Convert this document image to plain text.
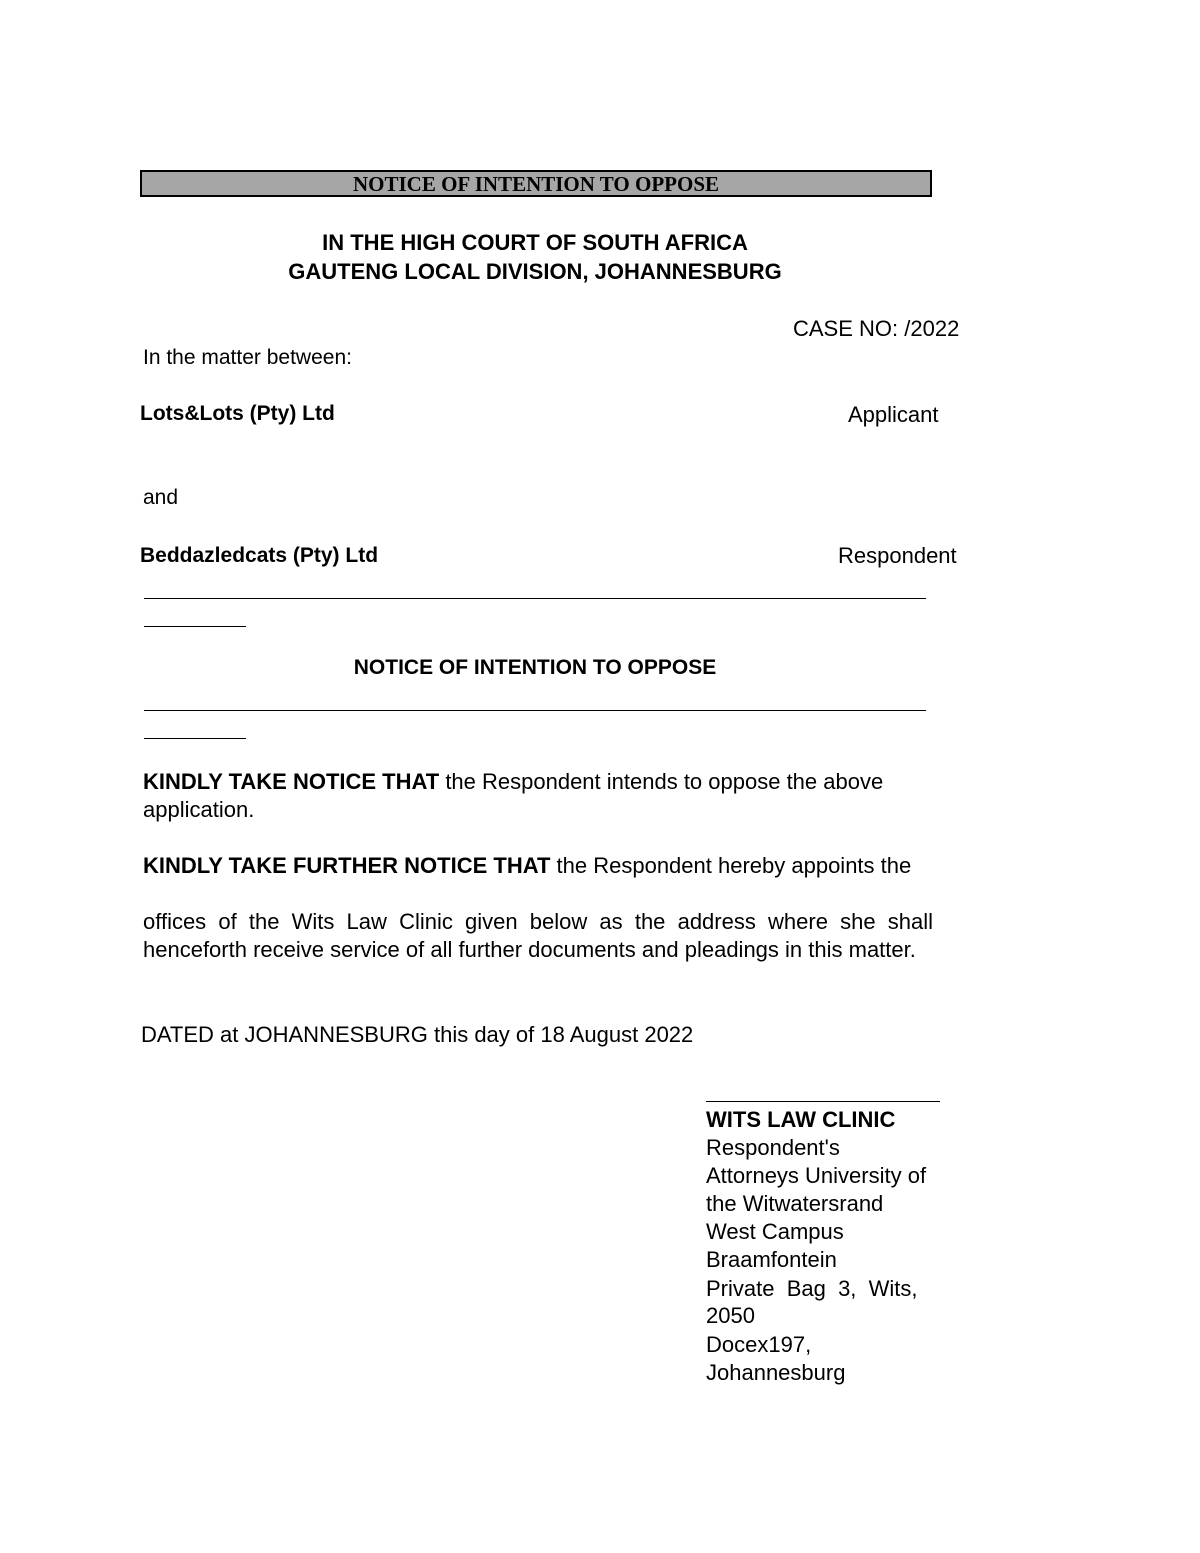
NOTICE OF INTENTION TO OPPOSE
IN THE HIGH COURT OF SOUTH AFRICA
GAUTENG LOCAL DIVISION, JOHANNESBURG
CASE NO: /2022
In the matter between:
Lots&Lots (Pty) Ltd	Applicant
and
Beddazledcats (Pty) Ltd	Respondent
NOTICE OF INTENTION TO OPPOSE
KINDLY TAKE NOTICE THAT the Respondent intends to oppose the above application.
KINDLY TAKE FURTHER NOTICE THAT the Respondent hereby appoints the
offices of the Wits Law Clinic given below as the address where she shall henceforth receive service of all further documents and pleadings in this matter.
DATED at JOHANNESBURG this day of 18 August 2022
WITS LAW CLINIC
Respondent's
Attorneys University of
the Witwatersrand
West Campus
Braamfontein
Private  Bag  3,  Wits,
2050
Docex197,
Johannesburg
